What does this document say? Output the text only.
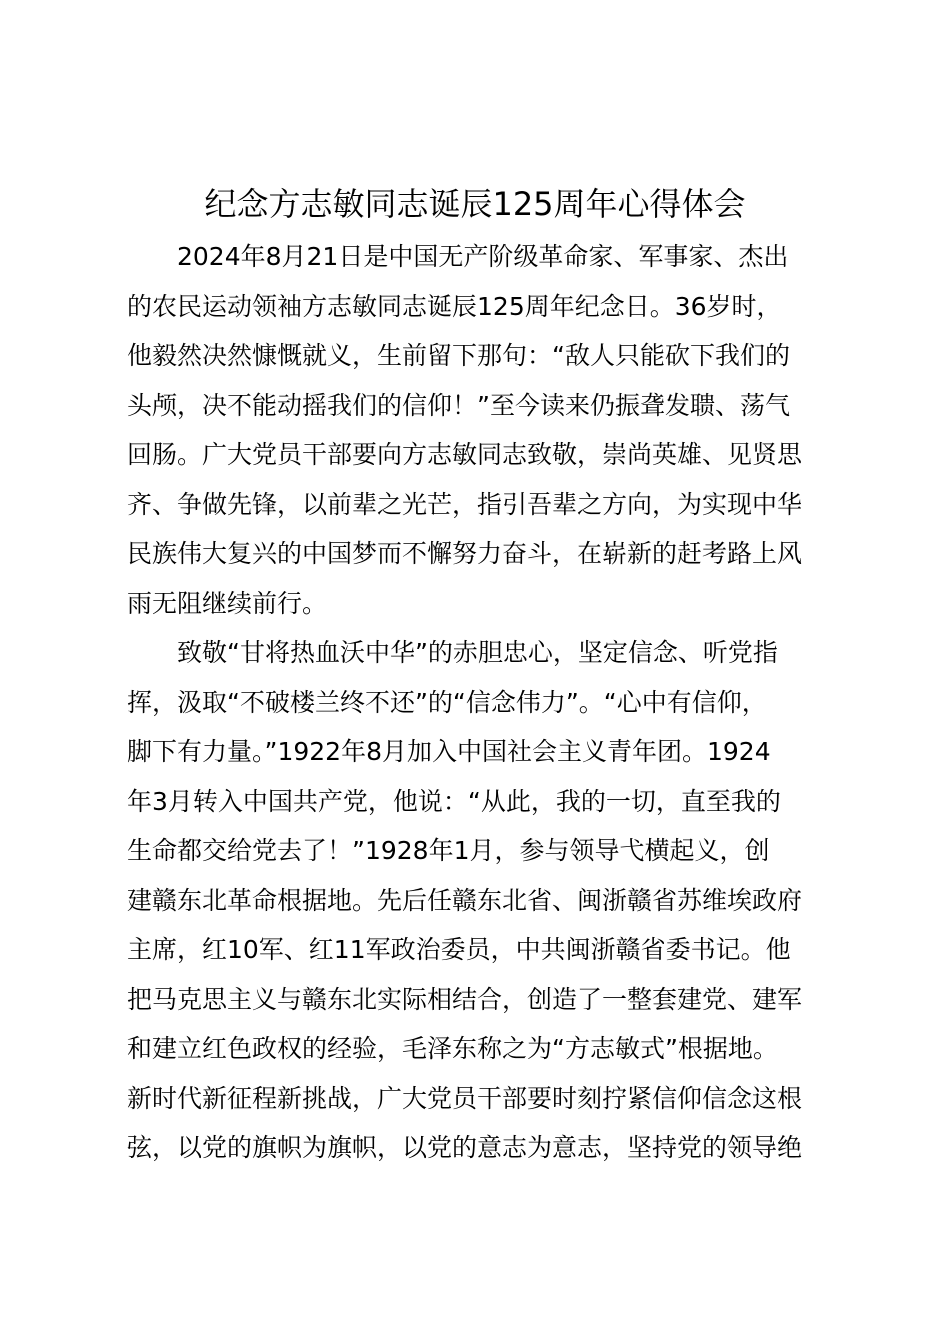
纪念方志敏同志诞辰125周年心得体会
2024年8月21日是中国无产阶级革命家、军事家、杰出
的农民运动领袖方志敏同志诞辰125周年纪念日。36岁时，
他毅然决然慷慨就义，生前留下那句：“敌人只能砍下我们的
头颅，决不能动摇我们的信仰！”至今读来仍振聋发聩、荡气
回肠。广大党员干部要向方志敏同志致敬，崇尚英雄、见贤思
齐、争做先锋，以前辈之光芒，指引吾辈之方向，为实现中华
民族伟大复兴的中国梦而不懈努力奋斗，在崭新的赶考路上风
雨无阻继续前行。
致敬“甘将热血沃中华”的赤胆忠心，坚定信念、听党指
挥，汲取“不破楼兰终不还”的“信念伟力”。“心中有信仰，
脚下有力量。”1922年8月加入中国社会主义青年团。1924
年3月转入中国共产党，他说：“从此，我的一切，直至我的
生命都交给党去了！”1928年1月，参与领导弋横起义，创
建赣东北革命根据地。先后任赣东北省、闽浙赣省苏维埃政府
主席，红10军、红11军政治委员，中共闽浙赣省委书记。他
把马克思主义与赣东北实际相结合，创造了一整套建党、建军
和建立红色政权的经验，毛泽东称之为“方志敏式”根据地。
新时代新征程新挑战，广大党员干部要时刻拧紧信仰信念这根
弦，以党的旗帜为旗帜，以党的意志为意志，坚持党的领导绝
